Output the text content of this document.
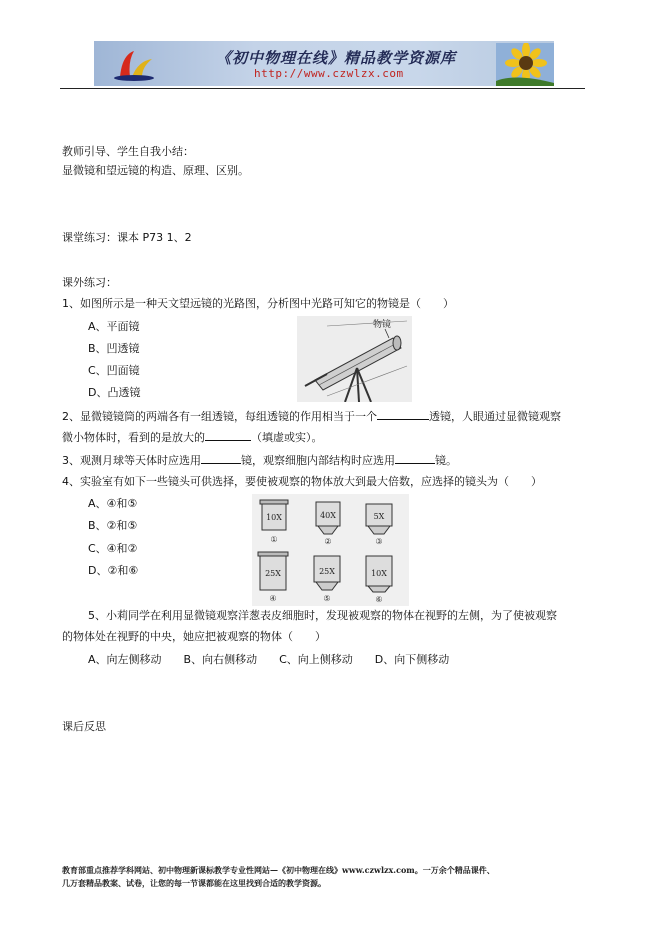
《初中物理在线》精品教学资源库
http://www.czwlzx.com
教师引导、学生自我小结：
显微镜和望远镜的构造、原理、区别。
课堂练习：课本 P73 1、2
课外练习：
1、如图所示是一种天文望远镜的光路图，分析图中光路可知它的物镜是（　　）
A、平面镜
B、凹透镜
C、凹面镜
D、凸透镜
物镜
2、显微镜镜筒的两端各有一组透镜，每组透镜的作用相当于一个	透镜，人眼通过显微镜观察
微小物体时，看到的是放大的	（填虚或实）。
3、观测月球等天体时应选用	镜，观察细胞内部结构时应选用	镜。
4、实验室有如下一些镜头可供选择，要使被观察的物体放大到最大倍数，应选择的镜头为（　　）
A、④和⑤
B、②和⑤
C、④和②
D、②和⑥
10X
①
40X
②
5X
③
25X
④
25X
⑤
10X
⑥
5、小莉同学在利用显微镜观察洋葱表皮细胞时，发现被观察的物体在视野的左侧，为了使被观察
的物体处在视野的中央，她应把被观察的物体（　　）
A、向左侧移动　　B、向右侧移动　　C、向上侧移动　　D、向下侧移动
课后反思
教育部重点推荐学科网站、初中物理新课标教学专业性网站—《初中物理在线》www.czwlzx.com。一万余个精品课件、
几万套精品教案、试卷，让您的每一节课都能在这里找到合适的教学资源。
